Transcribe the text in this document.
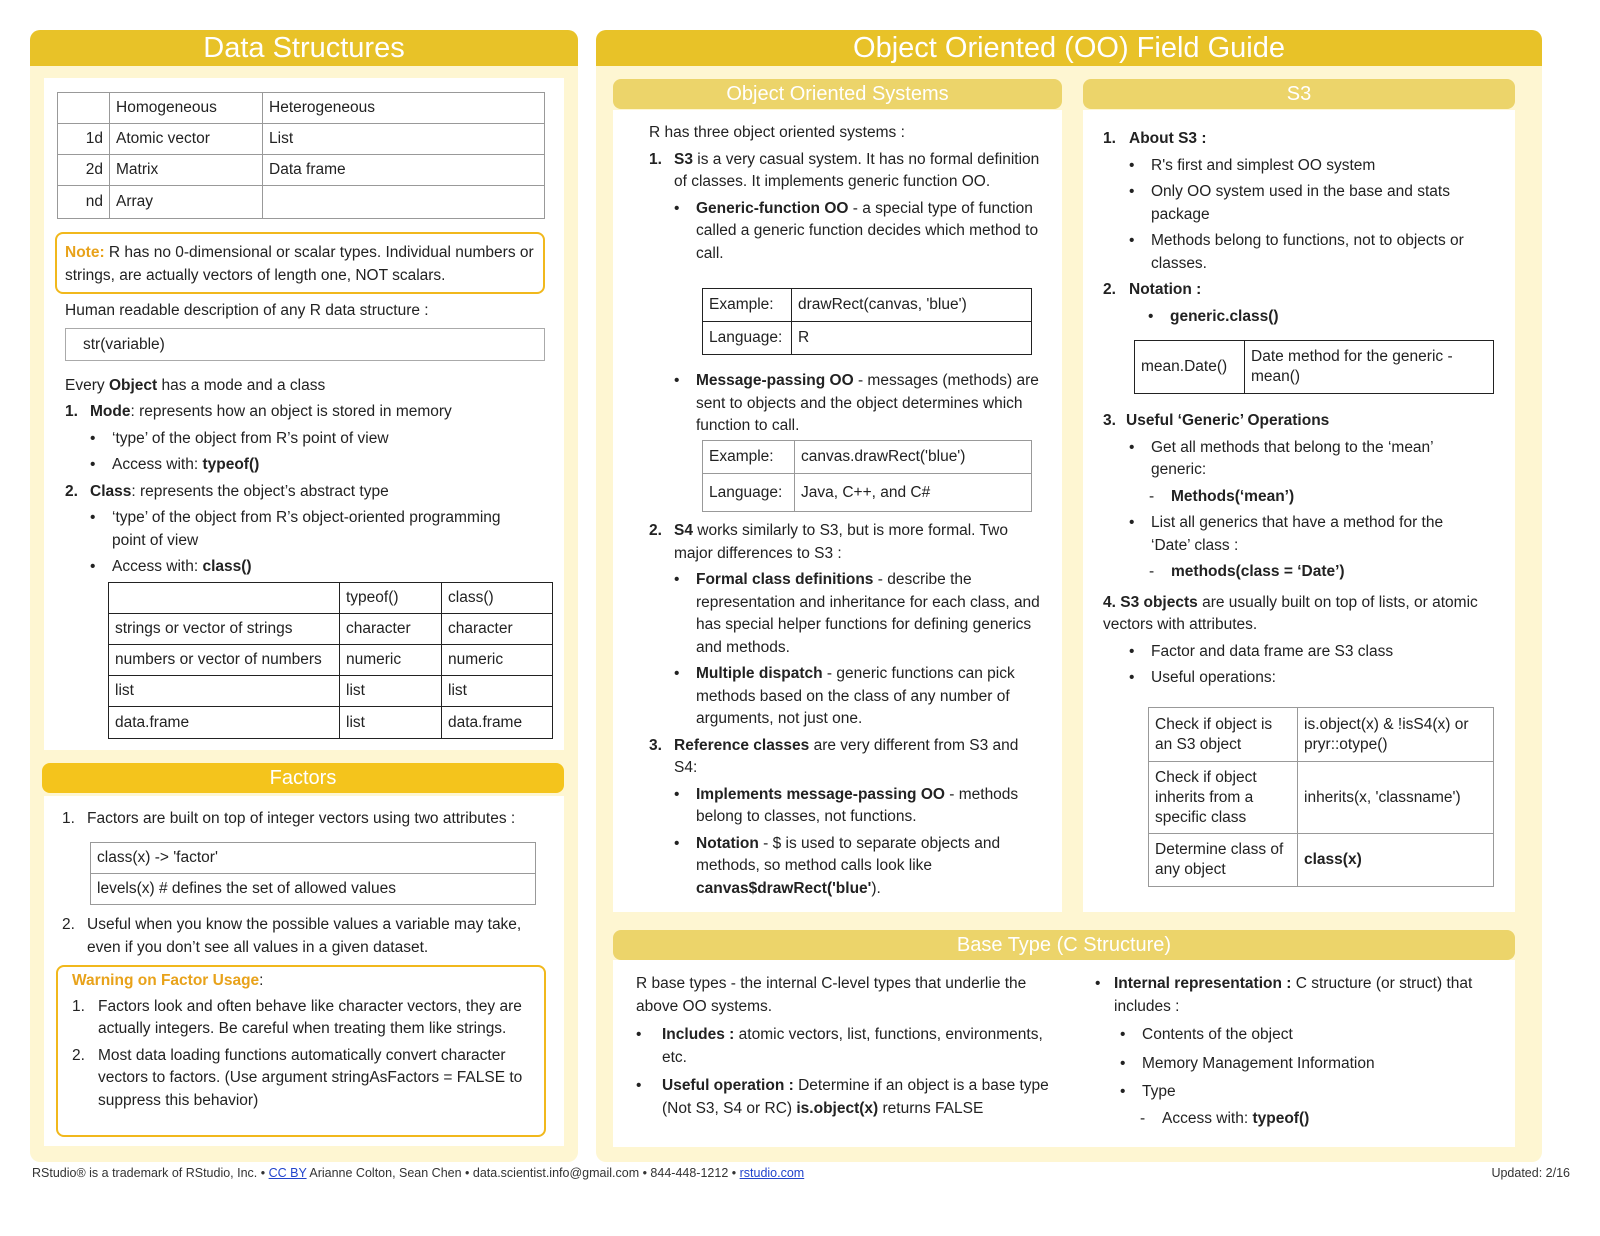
Data Structures
	Homogeneous	Heterogeneous
1d	Atomic vector	List
2d	Matrix	Data frame
nd	Array	
Note: R has no 0-dimensional or scalar types. Individual numbers or strings, are actually vectors of length one, NOT scalars.
Human readable description of any R data structure :
str(variable)
Every Object has a mode and a class
1. Mode: represents how an object is stored in memory
• ‘type’ of the object from R’s point of view
• Access with: typeof()
2. Class: represents the object’s abstract type
• ‘type’ of the object from R’s object-oriented programming point of view
• Access with: class()
	typeof()	class()
strings or vector of strings	character	character
numbers or vector of numbers	numeric	numeric
list	list	list
data.frame	list	data.frame
Factors
1. Factors are built on top of integer vectors using two attributes :
class(x) -> 'factor'
levels(x) # defines the set of allowed values
2. Useful when you know the possible values a variable may take, even if you don’t see all values in a given dataset.
Warning on Factor Usage:
1. Factors look and often behave like character vectors, they are actually integers. Be careful when treating them like strings.
2. Most data loading functions automatically convert character vectors to factors. (Use argument stringAsFactors = FALSE to suppress this behavior)
Object Oriented (OO) Field Guide
Object Oriented Systems
R has three object oriented systems :
1. S3 is a very casual system. It has no formal definition of classes. It implements generic function OO.
• Generic-function OO - a special type of function called a generic function decides which method to call.
Example:	drawRect(canvas, 'blue')
Language:	R
• Message-passing OO - messages (methods) are sent to objects and the object determines which function to call.
Example:	canvas.drawRect('blue')
Language:	Java, C++, and C#
2. S4 works similarly to S3, but is more formal. Two major differences to S3 :
• Formal class definitions - describe the representation and inheritance for each class, and has special helper functions for defining generics and methods.
• Multiple dispatch - generic functions can pick methods based on the class of any number of arguments, not just one.
3. Reference classes are very different from S3 and S4:
• Implements message-passing OO - methods belong to classes, not functions.
• Notation - $ is used to separate objects and methods, so method calls look like canvas$drawRect('blue').
S3
1. About S3 :
• R's first and simplest OO system
• Only OO system used in the base and stats package
• Methods belong to functions, not to objects or classes.
2. Notation :
• generic.class()
mean.Date()	Date method for the generic - mean()
3. Useful ‘Generic’ Operations
• Get all methods that belong to the ‘mean’ generic:
- Methods(‘mean’)
• List all generics that have a method for the ‘Date’ class :
- methods(class = ‘Date’)
4. S3 objects are usually built on top of lists, or atomic vectors with attributes.
• Factor and data frame are S3 class
• Useful operations:
Check if object is an S3 object	is.object(x) & !isS4(x) or pryr::otype()
Check if object inherits from a specific class	inherits(x, 'classname')
Determine class of any object	class(x)
Base Type (C Structure)
R base types - the internal C-level types that underlie the above OO systems.
• Includes : atomic vectors, list, functions, environments, etc.
• Useful operation : Determine if an object is a base type (Not S3, S4 or RC) is.object(x) returns FALSE
• Internal representation : C structure (or struct) that includes :
• Contents of the object
• Memory Management Information
• Type
- Access with: typeof()
RStudio® is a trademark of RStudio, Inc. • CC BY Arianne Colton, Sean Chen • data.scientist.info@gmail.com • 844-448-1212 • rstudio.com	Updated: 2/16
